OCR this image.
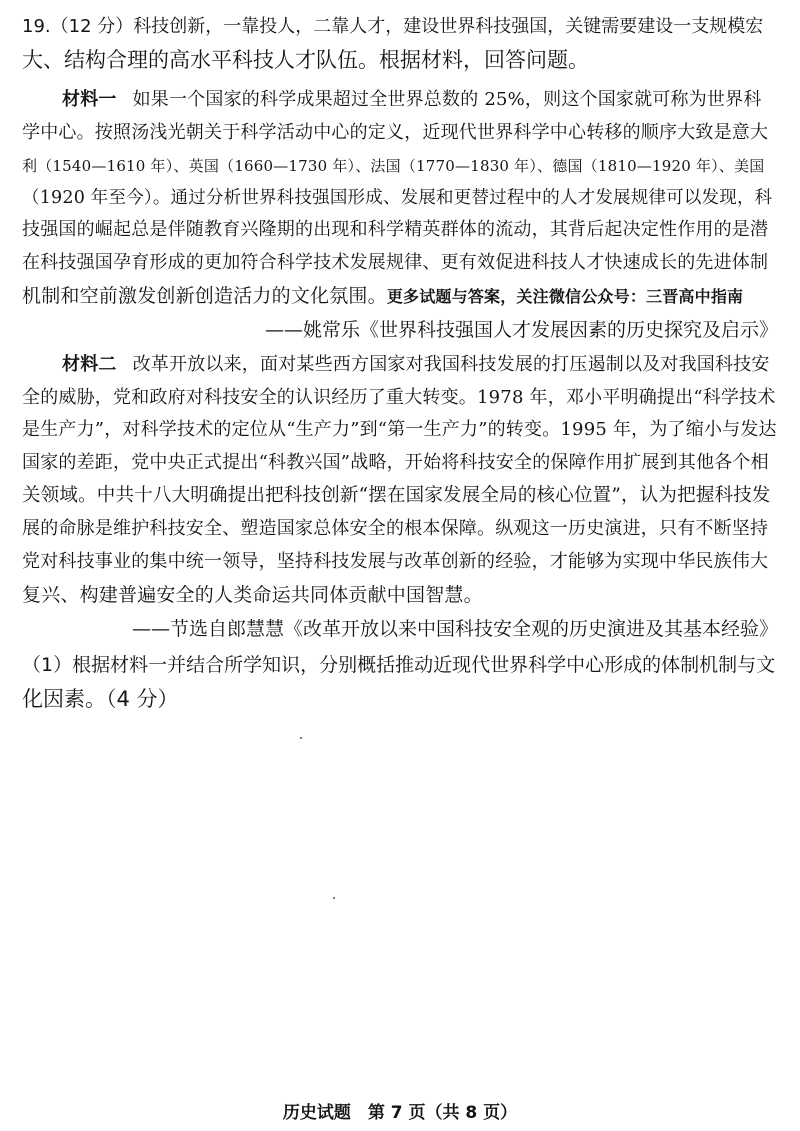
19.（12 分）科技创新，一靠投人，二靠人才，建设世界科技强国，关键需要建设一支规模宏
大、结构合理的高水平科技人才队伍。根据材料，回答问题。
材料一 如果一个国家的科学成果超过全世界总数的 25%，则这个国家就可称为世界科
学中心。按照汤浅光朝关于科学活动中心的定义，近现代世界科学中心转移的顺序大致是意大
利（1540—1610 年）、英国（1660—1730 年）、法国（1770—1830 年）、德国（1810—1920 年）、美国
（1920 年至今）。通过分析世界科技强国形成、发展和更替过程中的人才发展规律可以发现，科
技强国的崛起总是伴随教育兴隆期的出现和科学精英群体的流动，其背后起决定性作用的是潜
在科技强国孕育形成的更加符合科学技术发展规律、更有效促进科技人才快速成长的先进体制
机制和空前激发创新创造活力的文化氛围。更多试题与答案，关注微信公众号：三晋高中指南
——姚常乐《世界科技强国人才发展因素的历史探究及启示》
材料二 改革开放以来，面对某些西方国家对我国科技发展的打压遏制以及对我国科技安
全的威胁，党和政府对科技安全的认识经历了重大转变。1978 年，邓小平明确提出“科学技术
是生产力”，对科学技术的定位从“生产力”到“第一生产力”的转变。1995 年，为了缩小与发达
国家的差距，党中央正式提出“科教兴国”战略，开始将科技安全的保障作用扩展到其他各个相
关领域。中共十八大明确提出把科技创新“摆在国家发展全局的核心位置”，认为把握科技发
展的命脉是维护科技安全、塑造国家总体安全的根本保障。纵观这一历史演进，只有不断坚持
党对科技事业的集中统一领导，坚持科技发展与改革创新的经验，才能够为实现中华民族伟大
复兴、构建普遍安全的人类命运共同体贡献中国智慧。
——节选自郎慧慧《改革开放以来中国科技安全观的历史演进及其基本经验》
（1）根据材料一并结合所学知识，分别概括推动近现代世界科学中心形成的体制机制与文
化因素。（4 分）
历史试题　第 7 页（共 8 页）
